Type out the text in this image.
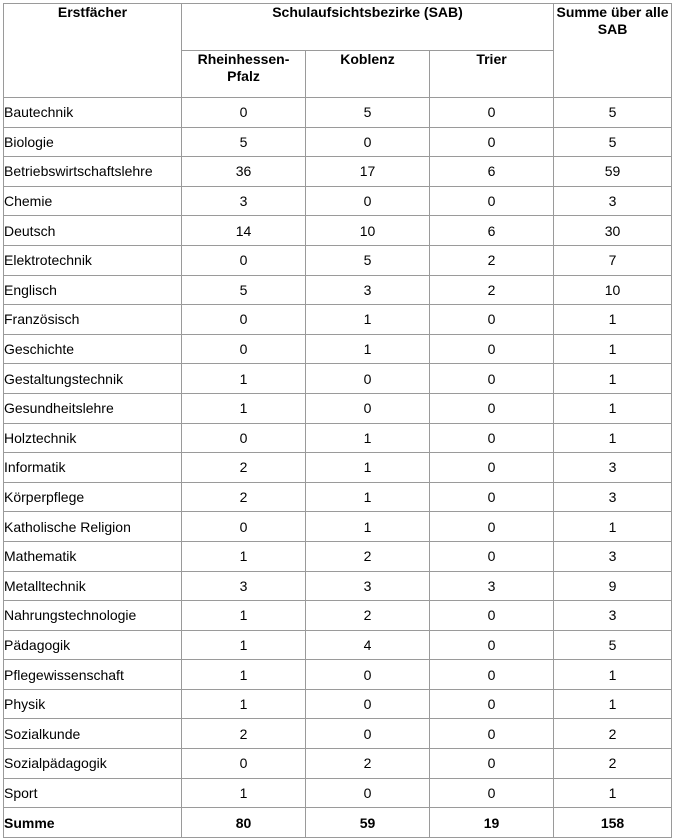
Erstfächer	Schulaufsichtsbezirke (SAB)			Summe über alle SAB
	Rheinhessen-Pfalz	Koblenz	Trier	
Bautechnik	0	5	0	5
Biologie	5	0	0	5
Betriebswirtschaftslehre	36	17	6	59
Chemie	3	0	0	3
Deutsch	14	10	6	30
Elektrotechnik	0	5	2	7
Englisch	5	3	2	10
Französisch	0	1	0	1
Geschichte	0	1	0	1
Gestaltungstechnik	1	0	0	1
Gesundheitslehre	1	0	0	1
Holztechnik	0	1	0	1
Informatik	2	1	0	3
Körperpflege	2	1	0	3
Katholische Religion	0	1	0	1
Mathematik	1	2	0	3
Metalltechnik	3	3	3	9
Nahrungstechnologie	1	2	0	3
Pädagogik	1	4	0	5
Pflegewissenschaft	1	0	0	1
Physik	1	0	0	1
Sozialkunde	2	0	0	2
Sozialpädagogik	0	2	0	2
Sport	1	0	0	1
Summe	80	59	19	158
